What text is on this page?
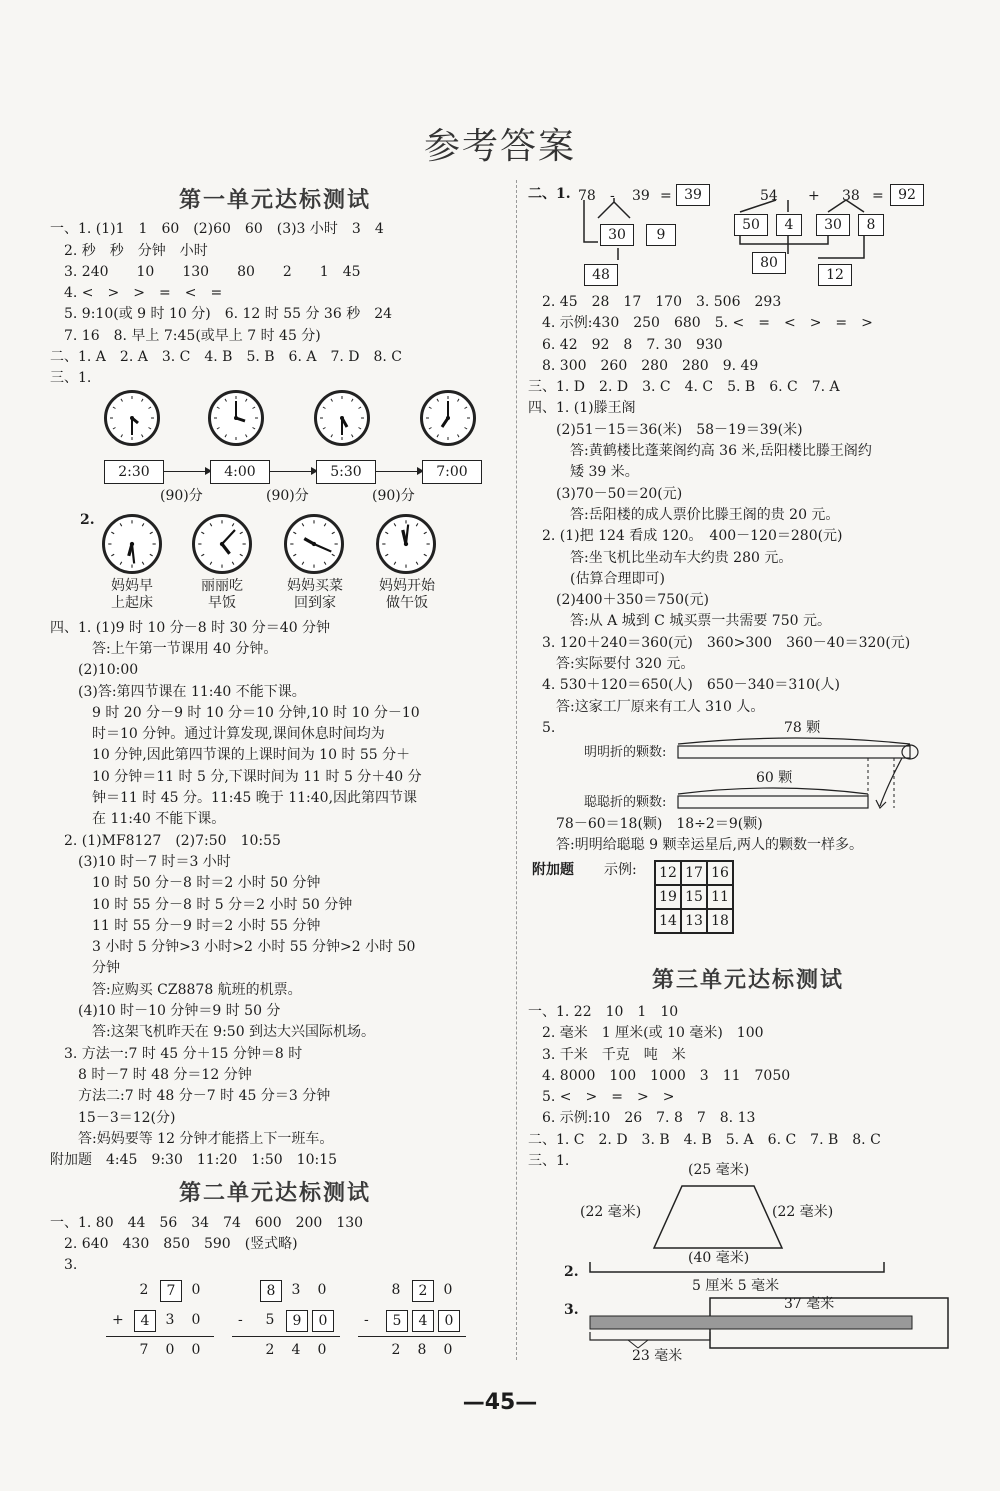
参考答案
第一单元达标测试
一、1. (1)1　1　60　(2)60　60　(3)3 小时　3　4
　2. 秒　秒　分钟　小时
　3. 240　　10　　130　　80　　2　　1　45
　4. <　>　>　=　<　=
　5. 9:10(或 9 时 10 分)　6. 12 时 55 分 36 秒　24
　7. 16　8. 早上 7:45(或早上 7 时 45 分)
二、1. A　2. A　3. C　4. B　5. B　6. A　7. D　8. C
三、1.
2:30	4:00	5:30	7:00
(90)分	(90)分	(90)分
2.
妈妈早
上起床
丽丽吃
早饭
妈妈买菜
回到家
妈妈开始
做午饭
四、1. (1)9 时 10 分－8 时 30 分＝40 分钟
　　　答:上午第一节课用 40 分钟。
　　(2)10:00
　　(3)答:第四节课在 11:40 不能下课。
　　　9 时 20 分－9 时 10 分＝10 分钟,10 时 10 分－10
　　　时＝10 分钟。通过计算发现,课间休息时间均为
　　　10 分钟,因此第四节课的上课时间为 10 时 55 分＋
　　　10 分钟＝11 时 5 分,下课时间为 11 时 5 分＋40 分
　　　钟＝11 时 45 分。11:45 晚于 11:40,因此第四节课
　　　在 11:40 不能下课。
　2. (1)MF8127　(2)7:50　10:55
　　(3)10 时－7 时＝3 小时
　　　10 时 50 分－8 时＝2 小时 50 分钟
　　　10 时 55 分－8 时 5 分＝2 小时 50 分钟
　　　11 时 55 分－9 时＝2 小时 55 分钟
　　　3 小时 5 分钟>3 小时>2 小时 55 分钟>2 小时 50
　　　分钟
　　　答:应购买 CZ8878 航班的机票。
　　(4)10 时－10 分钟＝9 时 50 分
　　　答:这架飞机昨天在 9:50 到达大兴国际机场。
　3. 方法一:7 时 45 分＋15 分钟＝8 时
　　8 时－7 时 48 分＝12 分钟
　　方法二:7 时 48 分－7 时 45 分＝3 分钟
　　15－3＝12(分)
　　答:妈妈要等 12 分钟才能搭上下一班车。
附加题　4:45　9:30　11:20　1:50　10:15
第二单元达标测试
一、1. 80　44　56　34　74　600　200　130
　2. 640　430　850　590　(竖式略)
　3.
2	7	0
4	3	0
7	0	0
+
8	3	0
5	9	0
2	4	0
-
8	2	0
5	4	0
2	8	0
-
二、1. 78 - 39 = 39
30	9
48
54 + 38 =	92
50	4	30	8
80
12
　2. 45　28　17　170　3. 506　293
　4. 示例:430　250　680　5. <　=　<　>　=　>
　6. 42　92　8　7. 30　930
　8. 300　260　280　280　9. 49
三、1. D　2. D　3. C　4. C　5. B　6. C　7. A
四、1. (1)滕王阁
　　(2)51－15＝36(米)　58－19＝39(米)
　　　答:黄鹤楼比蓬莱阁约高 36 米,岳阳楼比滕王阁约
　　　矮 39 米。
　　(3)70－50＝20(元)
　　　答:岳阳楼的成人票价比滕王阁的贵 20 元。
　2. (1)把 124 看成 120。　400－120＝280(元)
　　　答:坐飞机比坐动车大约贵 280 元。
　　　(估算合理即可)
　　(2)400＋350＝750(元)
　　　答:从 A 城到 C 城买票一共需要 750 元。
　3. 120＋240＝360(元)　360>300　360－40＝320(元)
　　答:实际要付 320 元。
　4. 530＋120＝650(人)　650－340＝310(人)
　　答:这家工厂原来有工人 310 人。
　5.	78 颗
明明折的颗数:
60 颗
聪聪折的颗数:
　　78－60＝18(颗)　18÷2＝9(颗)
　　答:明明给聪聪 9 颗幸运星后,两人的颗数一样多。
附加题 示例: 12 17 16
19 15 11
14 13 18
第三单元达标测试
一、1. 22　10　1　10
　2. 毫米　1 厘米(或 10 毫米)　100
　3. 千米　千克　吨　米
　4. 8000　100　1000　3　11　7050
　5. <　>　=　>　>
　6. 示例:10　26　7. 8　7　8. 13
二、1. C　2. D　3. B　4. B　5. A　6. C　7. B　8. C
三、1.
(25 毫米)
(22 毫米)	(22 毫米)
(40 毫米)
2.
5 厘米 5 毫米
3.	37 毫米
23 毫米
—45—
